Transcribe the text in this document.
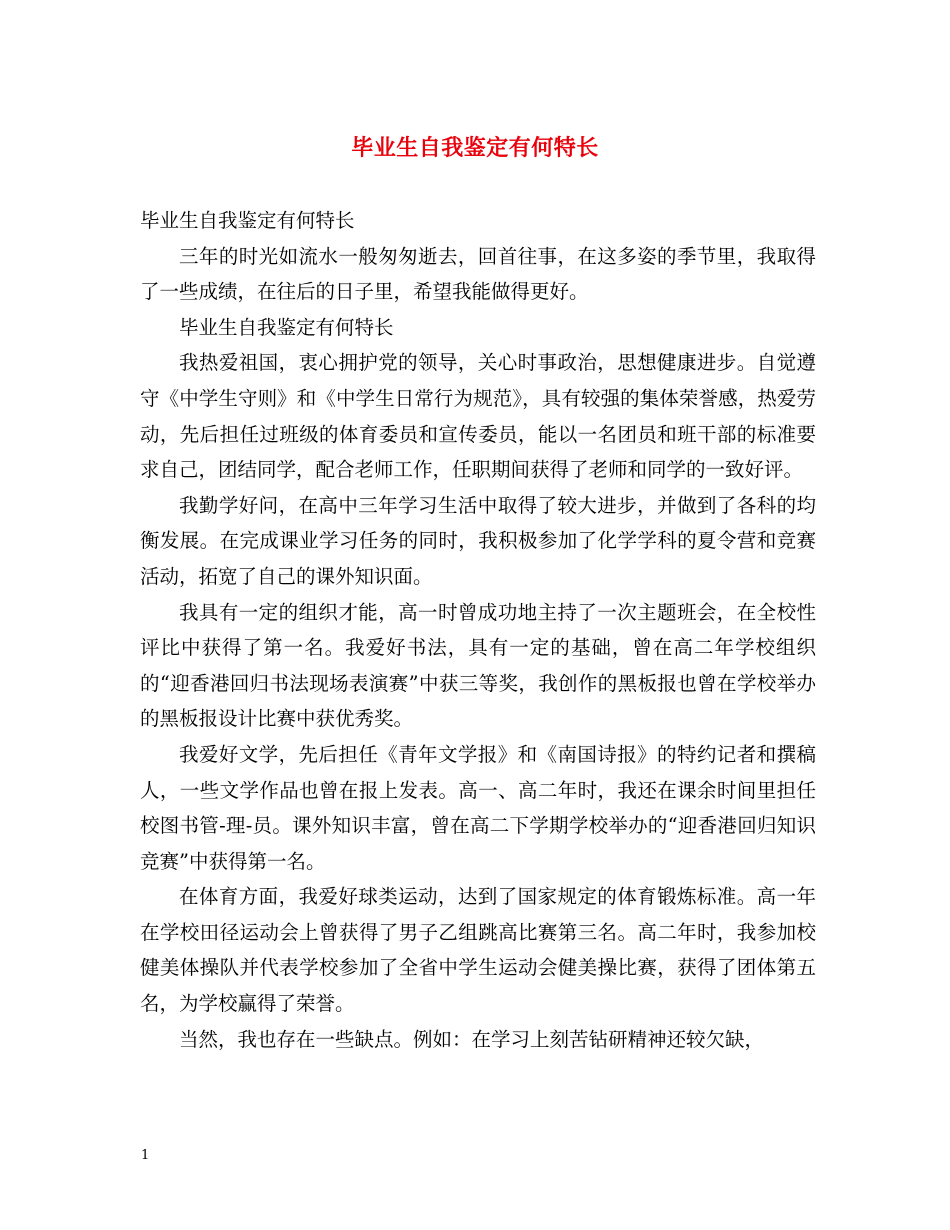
毕业生自我鉴定有何特长

毕业生自我鉴定有何特长

三年的时光如流水一般匆匆逝去，回首往事，在这多姿的季节里，我取得了一些成绩，在往后的日子里，希望我能做得更好。

毕业生自我鉴定有何特长

我热爱祖国，衷心拥护党的领导，关心时事政治，思想健康进步。自觉遵守《中学生守则》和《中学生日常行为规范》，具有较强的集体荣誉感，热爱劳动，先后担任过班级的体育委员和宣传委员，能以一名团员和班干部的标准要求自己，团结同学，配合老师工作，任职期间获得了老师和同学的一致好评。

我勤学好问，在高中三年学习生活中取得了较大进步，并做到了各科的均衡发展。在完成课业学习任务的同时，我积极参加了化学学科的夏令营和竞赛活动，拓宽了自己的课外知识面。

我具有一定的组织才能，高一时曾成功地主持了一次主题班会，在全校性评比中获得了第一名。我爱好书法，具有一定的基础，曾在高二年学校组织的“迎香港回归书法现场表演赛”中获三等奖，我创作的黑板报也曾在学校举办的黑板报设计比赛中获优秀奖。

我爱好文学，先后担任《青年文学报》和《南国诗报》的特约记者和撰稿人，一些文学作品也曾在报上发表。高一、高二年时，我还在课余时间里担任校图书管-理-员。课外知识丰富，曾在高二下学期学校举办的“迎香港回归知识竞赛”中获得第一名。

在体育方面，我爱好球类运动，达到了国家规定的体育锻炼标准。高一年在学校田径运动会上曾获得了男子乙组跳高比赛第三名。高二年时，我参加校健美体操队并代表学校参加了全省中学生运动会健美操比赛，获得了团体第五名，为学校赢得了荣誉。

当然，我也存在一些缺点。例如：在学习上刻苦钻研精神还较欠缺，

1
